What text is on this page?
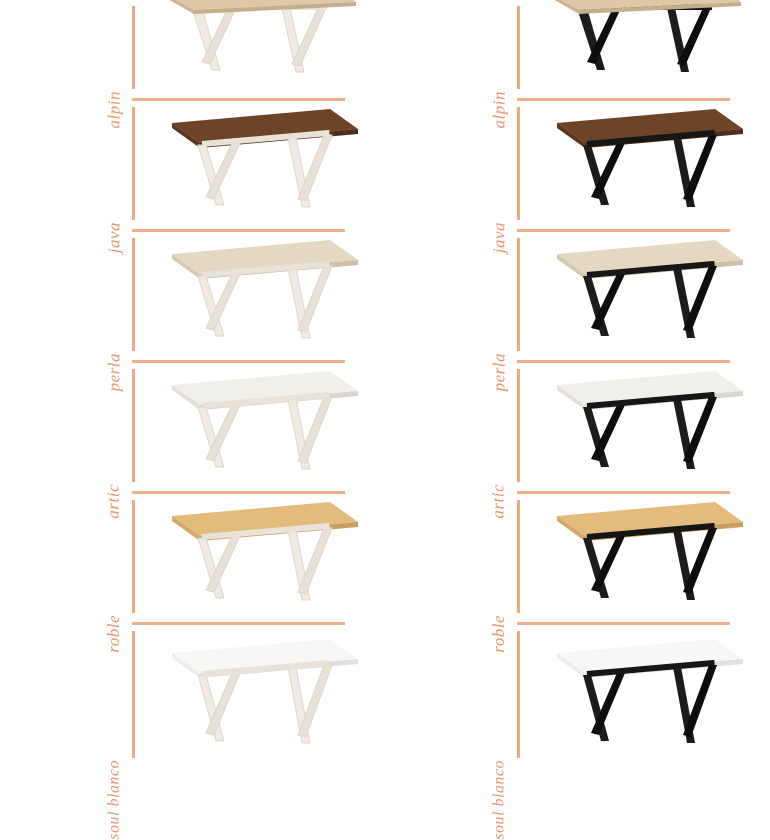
alpin
java
perla
artic
roble
soul blanco
alpin
java
perla
artic
roble
soul blanco
